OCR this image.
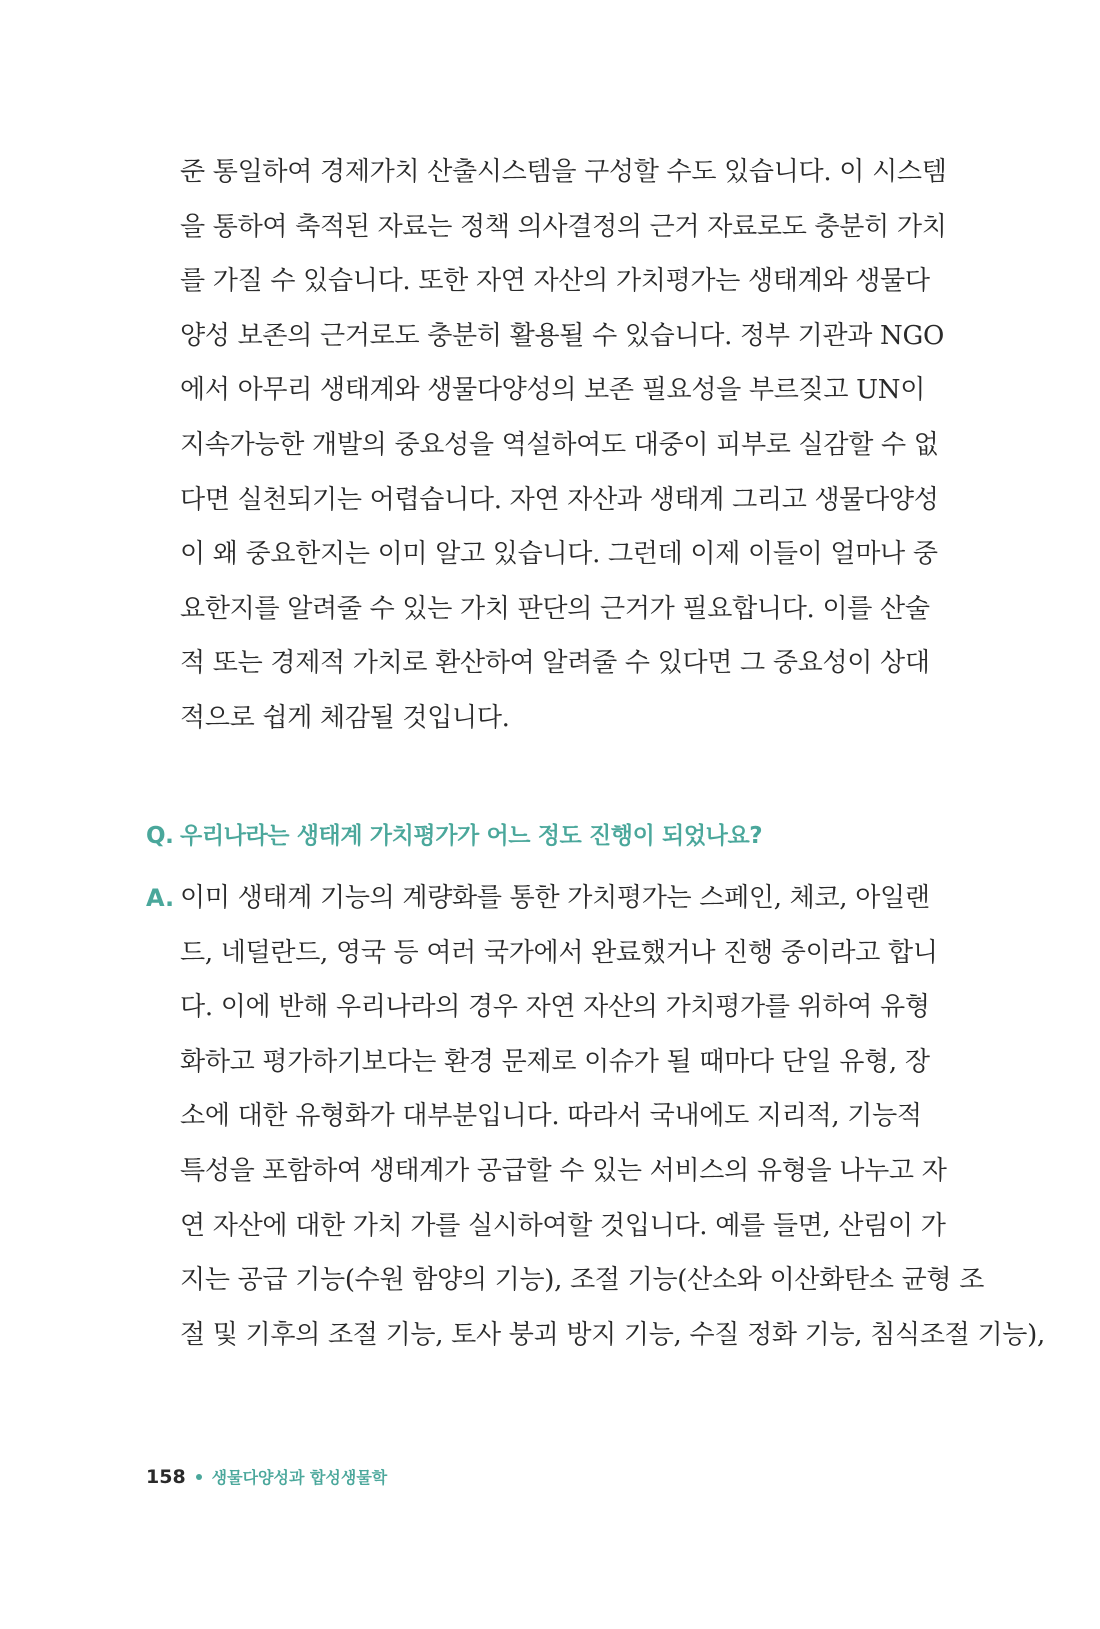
준 통일하여 경제가치 산출시스템을 구성할 수도 있습니다. 이 시스템
을 통하여 축적된 자료는 정책 의사결정의 근거 자료로도 충분히 가치
를 가질 수 있습니다. 또한 자연 자산의 가치평가는 생태계와 생물다
양성 보존의 근거로도 충분히 활용될 수 있습니다. 정부 기관과 NGO
에서 아무리 생태계와 생물다양성의 보존 필요성을 부르짖고 UN이
지속가능한 개발의 중요성을 역설하여도 대중이 피부로 실감할 수 없
다면 실천되기는 어렵습니다. 자연 자산과 생태계 그리고 생물다양성
이 왜 중요한지는 이미 알고 있습니다. 그런데 이제 이들이 얼마나 중
요한지를 알려줄 수 있는 가치 판단의 근거가 필요합니다. 이를 산술
적 또는 경제적 가치로 환산하여 알려줄 수 있다면 그 중요성이 상대
적으로 쉽게 체감될 것입니다.
Q. 우리나라는 생태계 가치평가가 어느 정도 진행이 되었나요?
A. 이미 생태계 기능의 계량화를 통한 가치평가는 스페인, 체코, 아일랜
드, 네덜란드, 영국 등 여러 국가에서 완료했거나 진행 중이라고 합니
다. 이에 반해 우리나라의 경우 자연 자산의 가치평가를 위하여 유형
화하고 평가하기보다는 환경 문제로 이슈가 될 때마다 단일 유형, 장
소에 대한 유형화가 대부분입니다. 따라서 국내에도 지리적, 기능적
특성을 포함하여 생태계가 공급할 수 있는 서비스의 유형을 나누고 자
연 자산에 대한 가치 가를 실시하여할 것입니다. 예를 들면, 산림이 가
지는 공급 기능(수원 함양의 기능), 조절 기능(산소와 이산화탄소 균형 조
절 및 기후의 조절 기능, 토사 붕괴 방지 기능, 수질 정화 기능, 침식조절 기능),
158 생물다양성과 합성생물학
